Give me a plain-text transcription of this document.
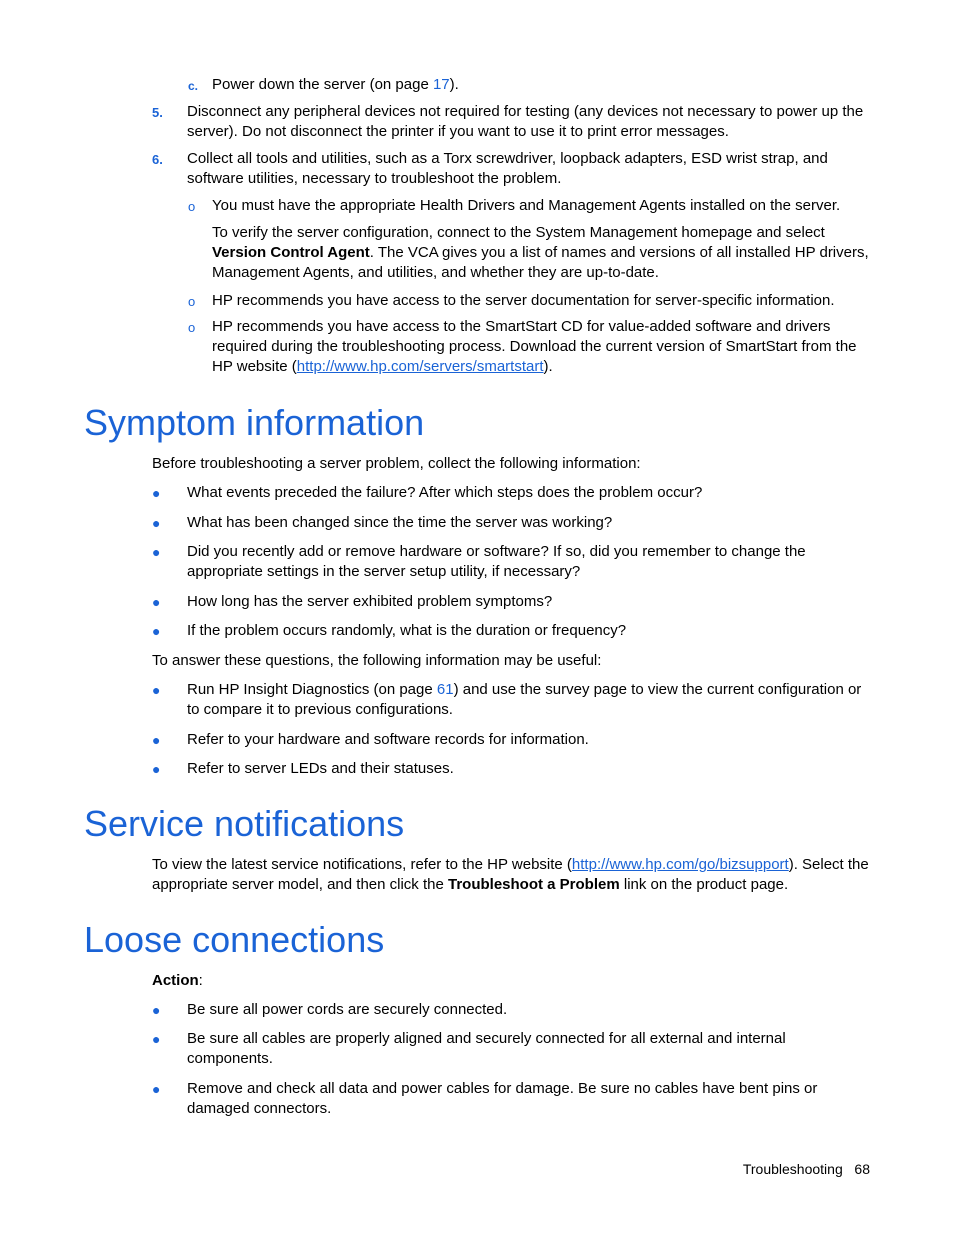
c. Power down the server (on page 17).
5. Disconnect any peripheral devices not required for testing (any devices not necessary to power up the server). Do not disconnect the printer if you want to use it to print error messages.
6. Collect all tools and utilities, such as a Torx screwdriver, loopback adapters, ESD wrist strap, and software utilities, necessary to troubleshoot the problem.
o You must have the appropriate Health Drivers and Management Agents installed on the server.
To verify the server configuration, connect to the System Management homepage and select Version Control Agent. The VCA gives you a list of names and versions of all installed HP drivers, Management Agents, and utilities, and whether they are up-to-date.
o HP recommends you have access to the server documentation for server-specific information.
o HP recommends you have access to the SmartStart CD for value-added software and drivers required during the troubleshooting process. Download the current version of SmartStart from the HP website (http://www.hp.com/servers/smartstart).
Symptom information
Before troubleshooting a server problem, collect the following information:
● What events preceded the failure? After which steps does the problem occur?
● What has been changed since the time the server was working?
● Did you recently add or remove hardware or software? If so, did you remember to change the appropriate settings in the server setup utility, if necessary?
● How long has the server exhibited problem symptoms?
● If the problem occurs randomly, what is the duration or frequency?
To answer these questions, the following information may be useful:
● Run HP Insight Diagnostics (on page 61) and use the survey page to view the current configuration or to compare it to previous configurations.
● Refer to your hardware and software records for information.
● Refer to server LEDs and their statuses.
Service notifications
To view the latest service notifications, refer to the HP website (http://www.hp.com/go/bizsupport). Select the appropriate server model, and then click the Troubleshoot a Problem link on the product page.
Loose connections
Action:
● Be sure all power cords are securely connected.
● Be sure all cables are properly aligned and securely connected for all external and internal components.
● Remove and check all data and power cables for damage. Be sure no cables have bent pins or damaged connectors.
Troubleshooting 68
